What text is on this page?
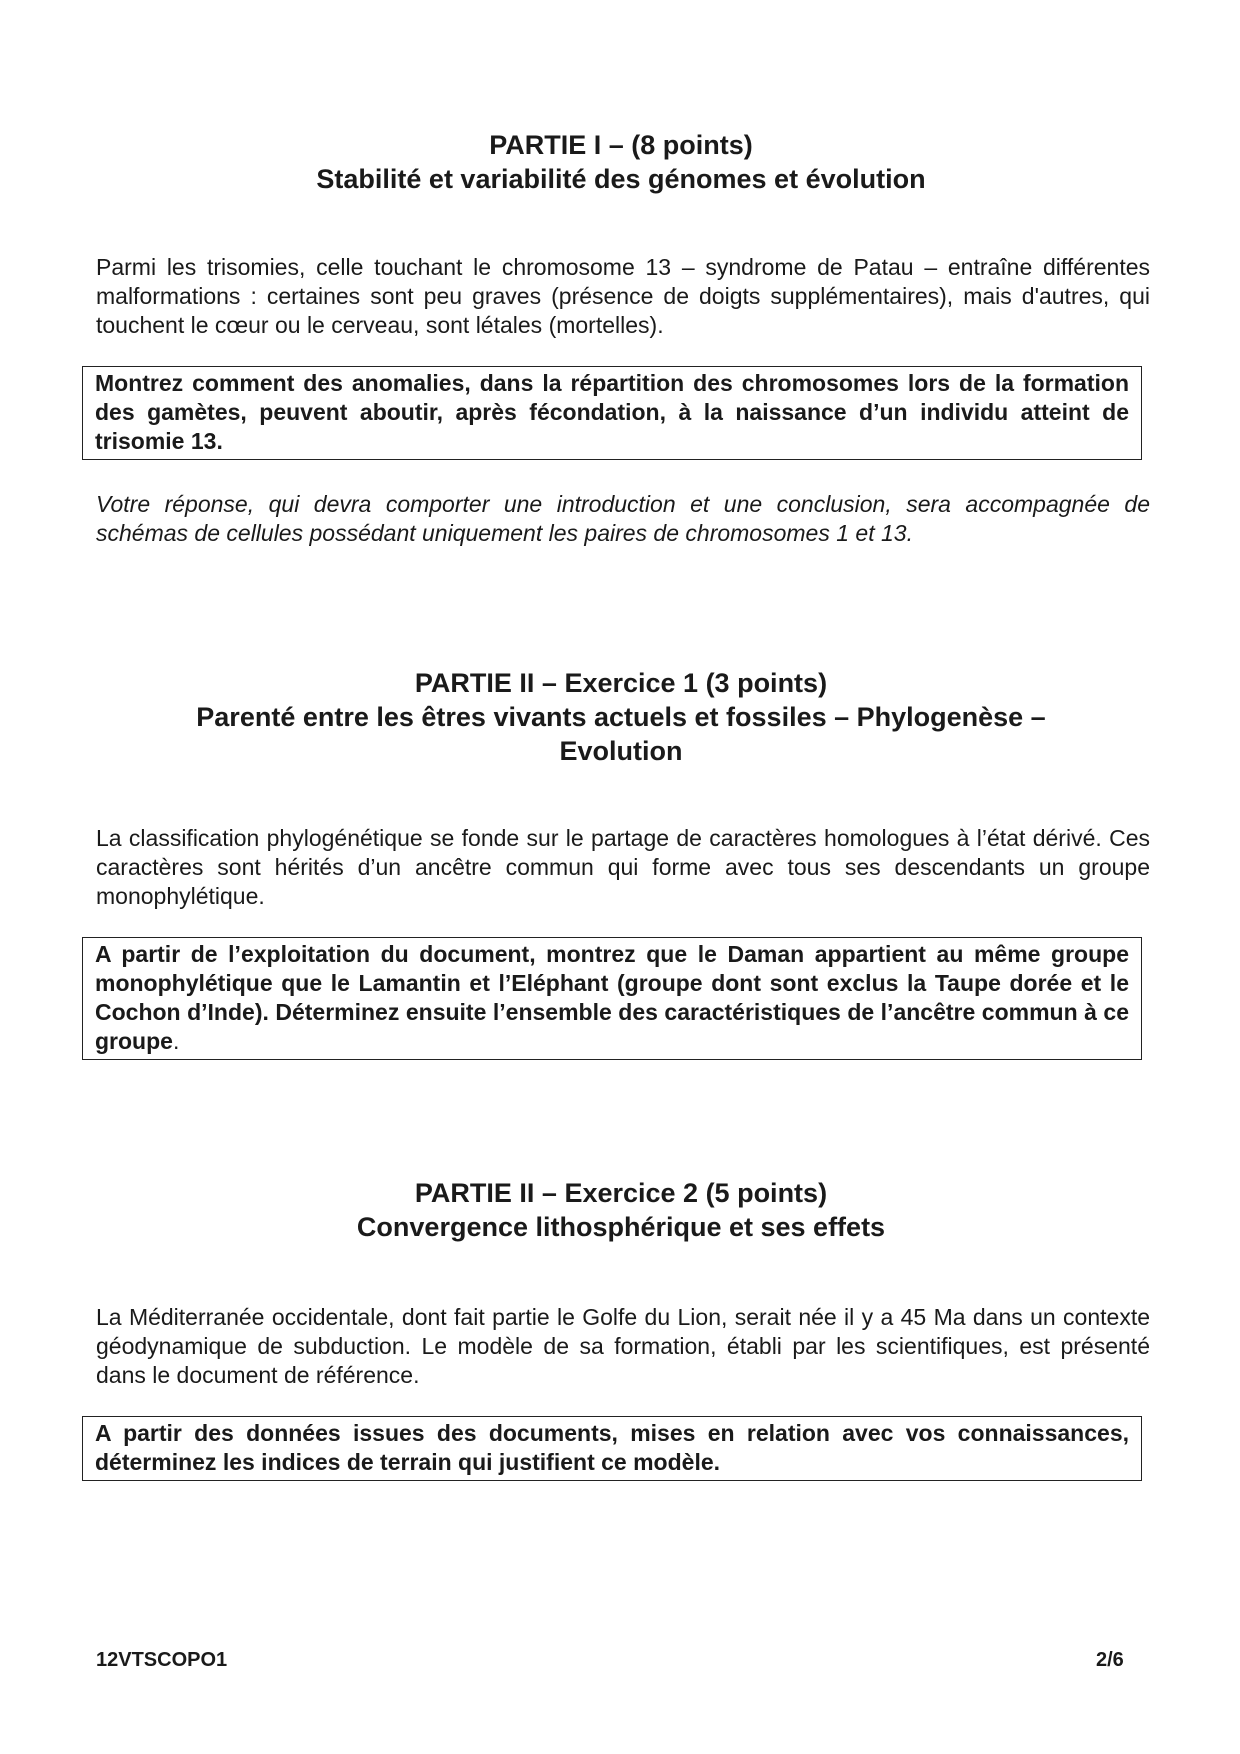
PARTIE I – (8 points)
Stabilité et variabilité des génomes et évolution

Parmi les trisomies, celle touchant le chromosome 13 – syndrome de Patau – entraîne différentes malformations : certaines sont peu graves (présence de doigts supplémentaires), mais d'autres, qui touchent le cœur ou le cerveau, sont létales (mortelles).

Montrez comment des anomalies, dans la répartition des chromosomes lors de la formation des gamètes, peuvent aboutir, après fécondation, à la naissance d’un individu atteint de trisomie 13.

Votre réponse, qui devra comporter une introduction et une conclusion, sera accompagnée de schémas de cellules possédant uniquement les paires de chromosomes 1 et 13.

PARTIE II – Exercice 1 (3 points)
Parenté entre les êtres vivants actuels et fossiles – Phylogenèse –
Evolution

La classification phylogénétique se fonde sur le partage de caractères homologues à l’état dérivé. Ces caractères sont hérités d’un ancêtre commun qui forme avec tous ses descendants un groupe monophylétique.

A partir de l’exploitation du document, montrez que le Daman appartient au même groupe monophylétique que le Lamantin et l’Eléphant (groupe dont sont exclus la Taupe dorée et le Cochon d’Inde). Déterminez ensuite l’ensemble des caractéristiques de l’ancêtre commun à ce groupe.
PARTIE II – Exercice 2 (5 points)
Convergence lithosphérique et ses effets

La Méditerranée occidentale, dont fait partie le Golfe du Lion, serait née il y a 45 Ma dans un contexte géodynamique de subduction. Le modèle de sa formation, établi par les scientifiques, est présenté dans le document de référence.

A partir des données issues des documents, mises en relation avec vos connaissances, déterminez les indices de terrain qui justifient ce modèle.
12VTSCOPO1	2/6
